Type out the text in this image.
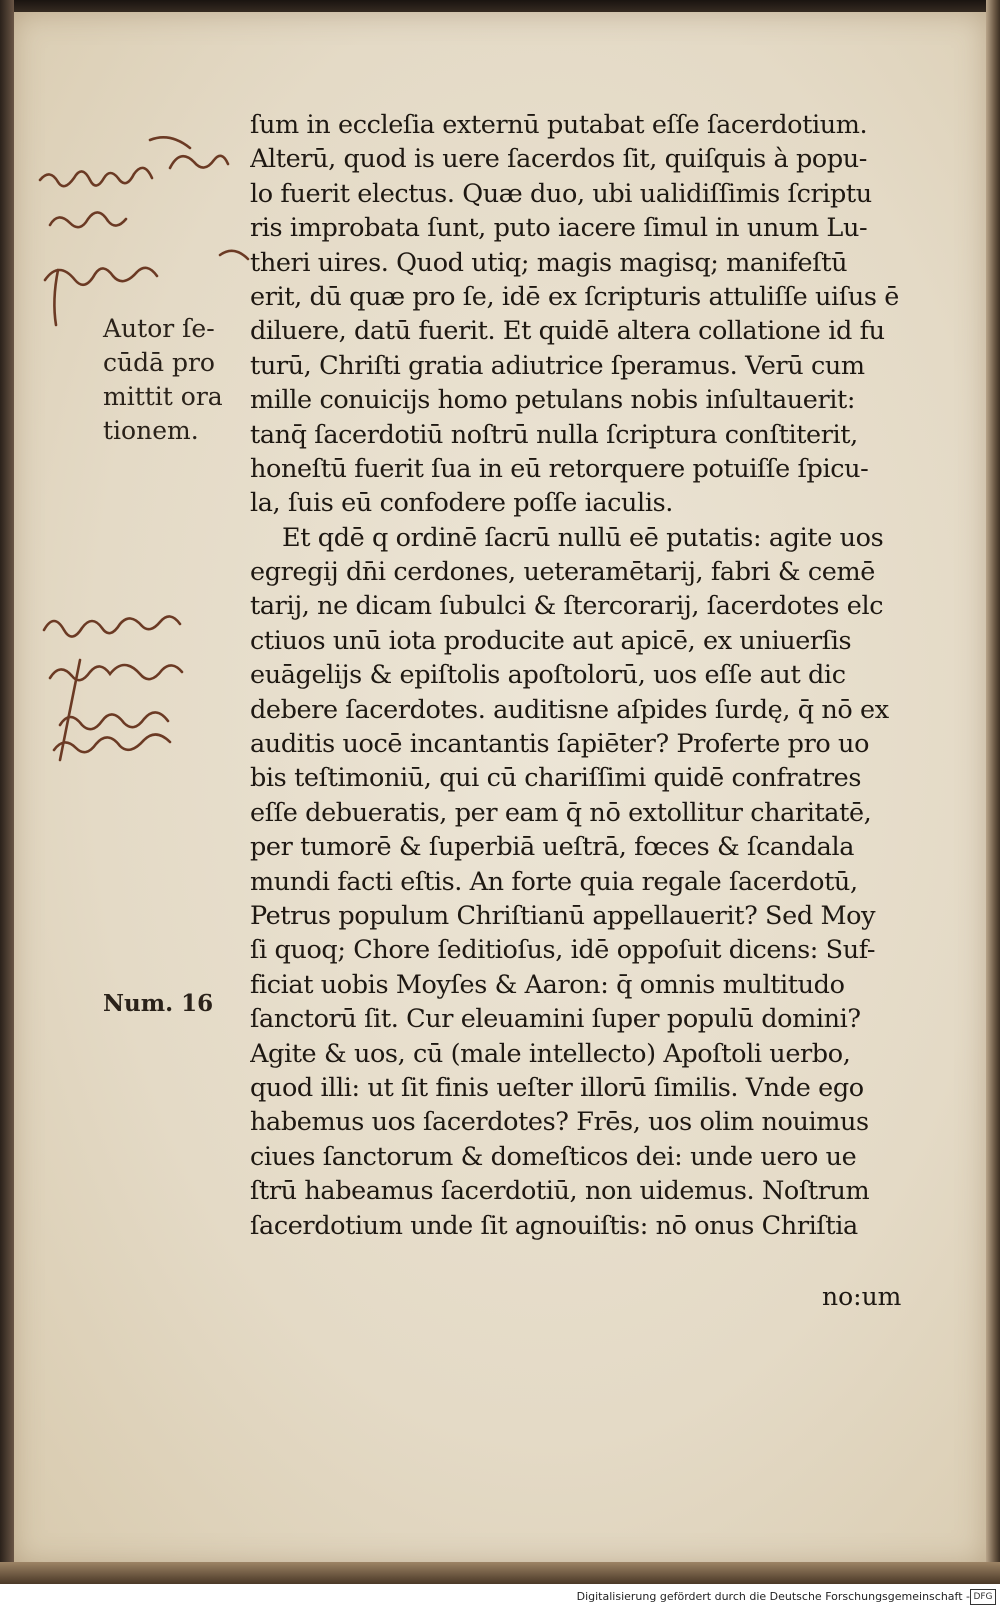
Autor ſe-
cūdā pro
mittit ora
tionem.
Num. 16
ſum in eccleſia externū putabat eſſe ſacerdotium.
Alterū, quod is uere ſacerdos ſit, quiſquis à popu-
lo fuerit electus. Quæ duo, ubi ualidiſſimis ſcriptu
ris improbata ſunt, puto iacere ſimul in unum Lu-
theri uires. Quod utiq; magis magisq; manifeſtū
erit, dū quæ pro ſe, idē ex ſcripturis attuliſſe uiſus ē
diluere, datū fuerit. Et quidē altera collatione id fu
turū, Chriſti gratia adiutrice ſperamus. Verū cum
mille conuicijs homo petulans nobis inſultauerit:
tanq̄ ſacerdotiū noſtrū nulla ſcriptura conſtiterit,
honeſtū fuerit ſua in eū retorquere potuiſſe ſpicu-
la, ſuis eū confodere poſſe iaculis.
Et qdē q ordinē ſacrū nullū eē putatis: agite uos
egregij dn̄i cerdones, ueteramētarij, fabri & cemē
tarij, ne dicam ſubulci & ſtercorarij, ſacerdotes elc
ctiuos unū iota producite aut apicē, ex uniuerſis
euāgelijs & epiſtolis apoſtolorū, uos eſſe aut dic
debere ſacerdotes. auditisne aſpides ſurdę, q̄ nō ex
auditis uocē incantantis ſapiēter? Proferte pro uo
bis teſtimoniū, qui cū chariſſimi quidē confratres
eſſe debueratis, per eam q̄ nō extollitur charitatē,
per tumorē & ſuperbiā ueſtrā, fœces & ſcandala
mundi facti eſtis. An forte quia regale ſacerdotū,
Petrus populum Chriſtianū appellauerit? Sed Moy
ſi quoq; Chore ſeditioſus, idē oppoſuit dicens: Suf-
ficiat uobis Moyſes & Aaron: q̄ omnis multitudo
ſanctorū ſit. Cur eleuamini ſuper populū domini?
Agite & uos, cū (male intellecto) Apoſtoli uerbo,
quod illi: ut ſit finis ueſter illorū ſimilis. Vnde ego
habemus uos ſacerdotes? Frēs, uos olim nouimus
ciues ſanctorum & domeſticos dei: unde uero ue
ſtrū habeamus ſacerdotiū, non uidemus. Noſtrum
ſacerdotium unde ſit agnouiſtis: nō onus Chriſtia
no:um
Digitalisierung gefördert durch die Deutsche Forschungsgemeinschaft - DFG
